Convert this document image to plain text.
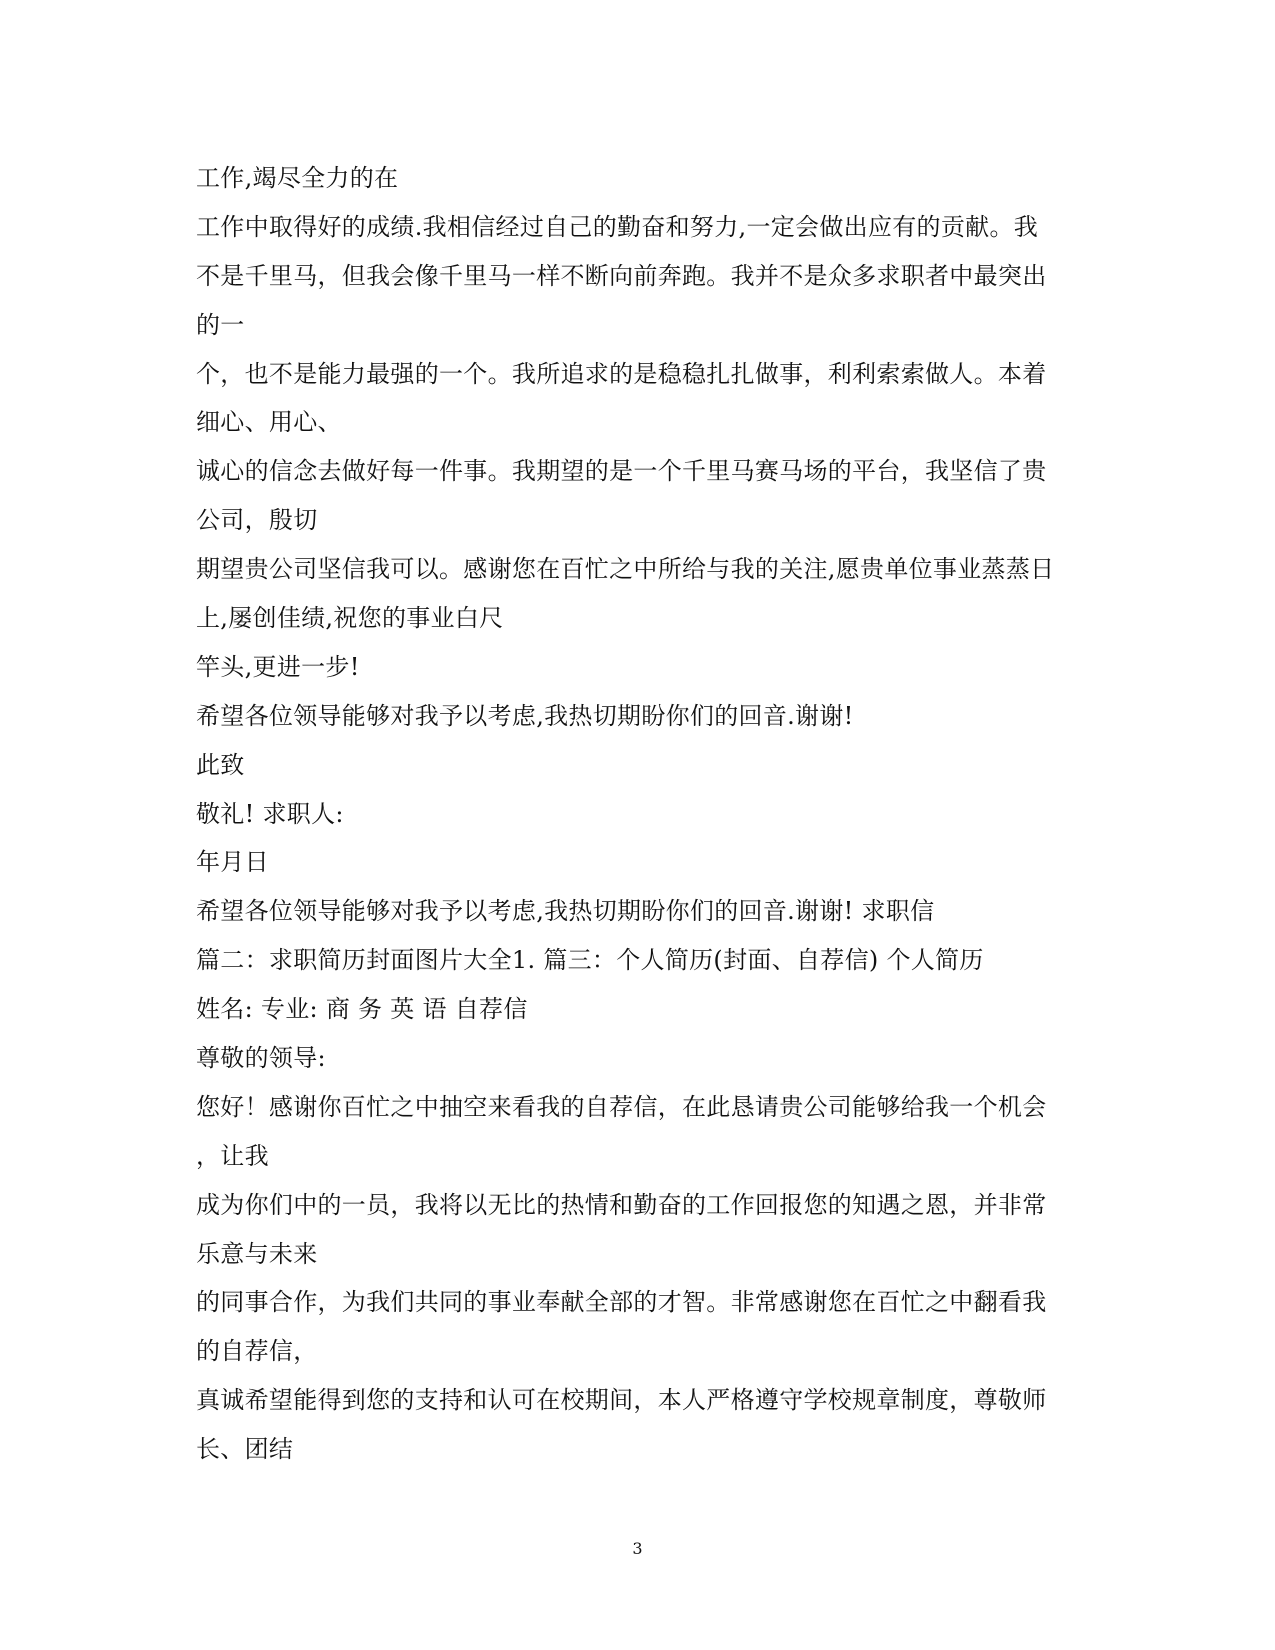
工作,竭尽全力的在
工作中取得好的成绩.我相信经过自己的勤奋和努力,一定会做出应有的贡献。我
不是千里马，但我会像千里马一样不断向前奔跑。我并不是众多求职者中最突出
的一
个，也不是能力最强的一个。我所追求的是稳稳扎扎做事，利利索索做人。本着
细心、用心、
诚心的信念去做好每一件事。我期望的是一个千里马赛马场的平台，我坚信了贵
公司，殷切
期望贵公司坚信我可以。感谢您在百忙之中所给与我的关注,愿贵单位事业蒸蒸日
上,屡创佳绩,祝您的事业白尺
竿头,更进一步!
希望各位领导能够对我予以考虑,我热切期盼你们的回音.谢谢!
此致
敬礼! 求职人:
年月日
希望各位领导能够对我予以考虑,我热切期盼你们的回音.谢谢! 求职信
篇二：求职简历封面图片大全1. 篇三：个人简历(封面、自荐信) 个人简历
姓名: 专业: 商 务 英 语 自荐信
尊敬的领导:
您好！感谢你百忙之中抽空来看我的自荐信，在此恳请贵公司能够给我一个机会
，让我
成为你们中的一员，我将以无比的热情和勤奋的工作回报您的知遇之恩，并非常
乐意与未来
的同事合作，为我们共同的事业奉献全部的才智。非常感谢您在百忙之中翻看我
的自荐信，
真诚希望能得到您的支持和认可在校期间，本人严格遵守学校规章制度，尊敬师
长、团结
3
